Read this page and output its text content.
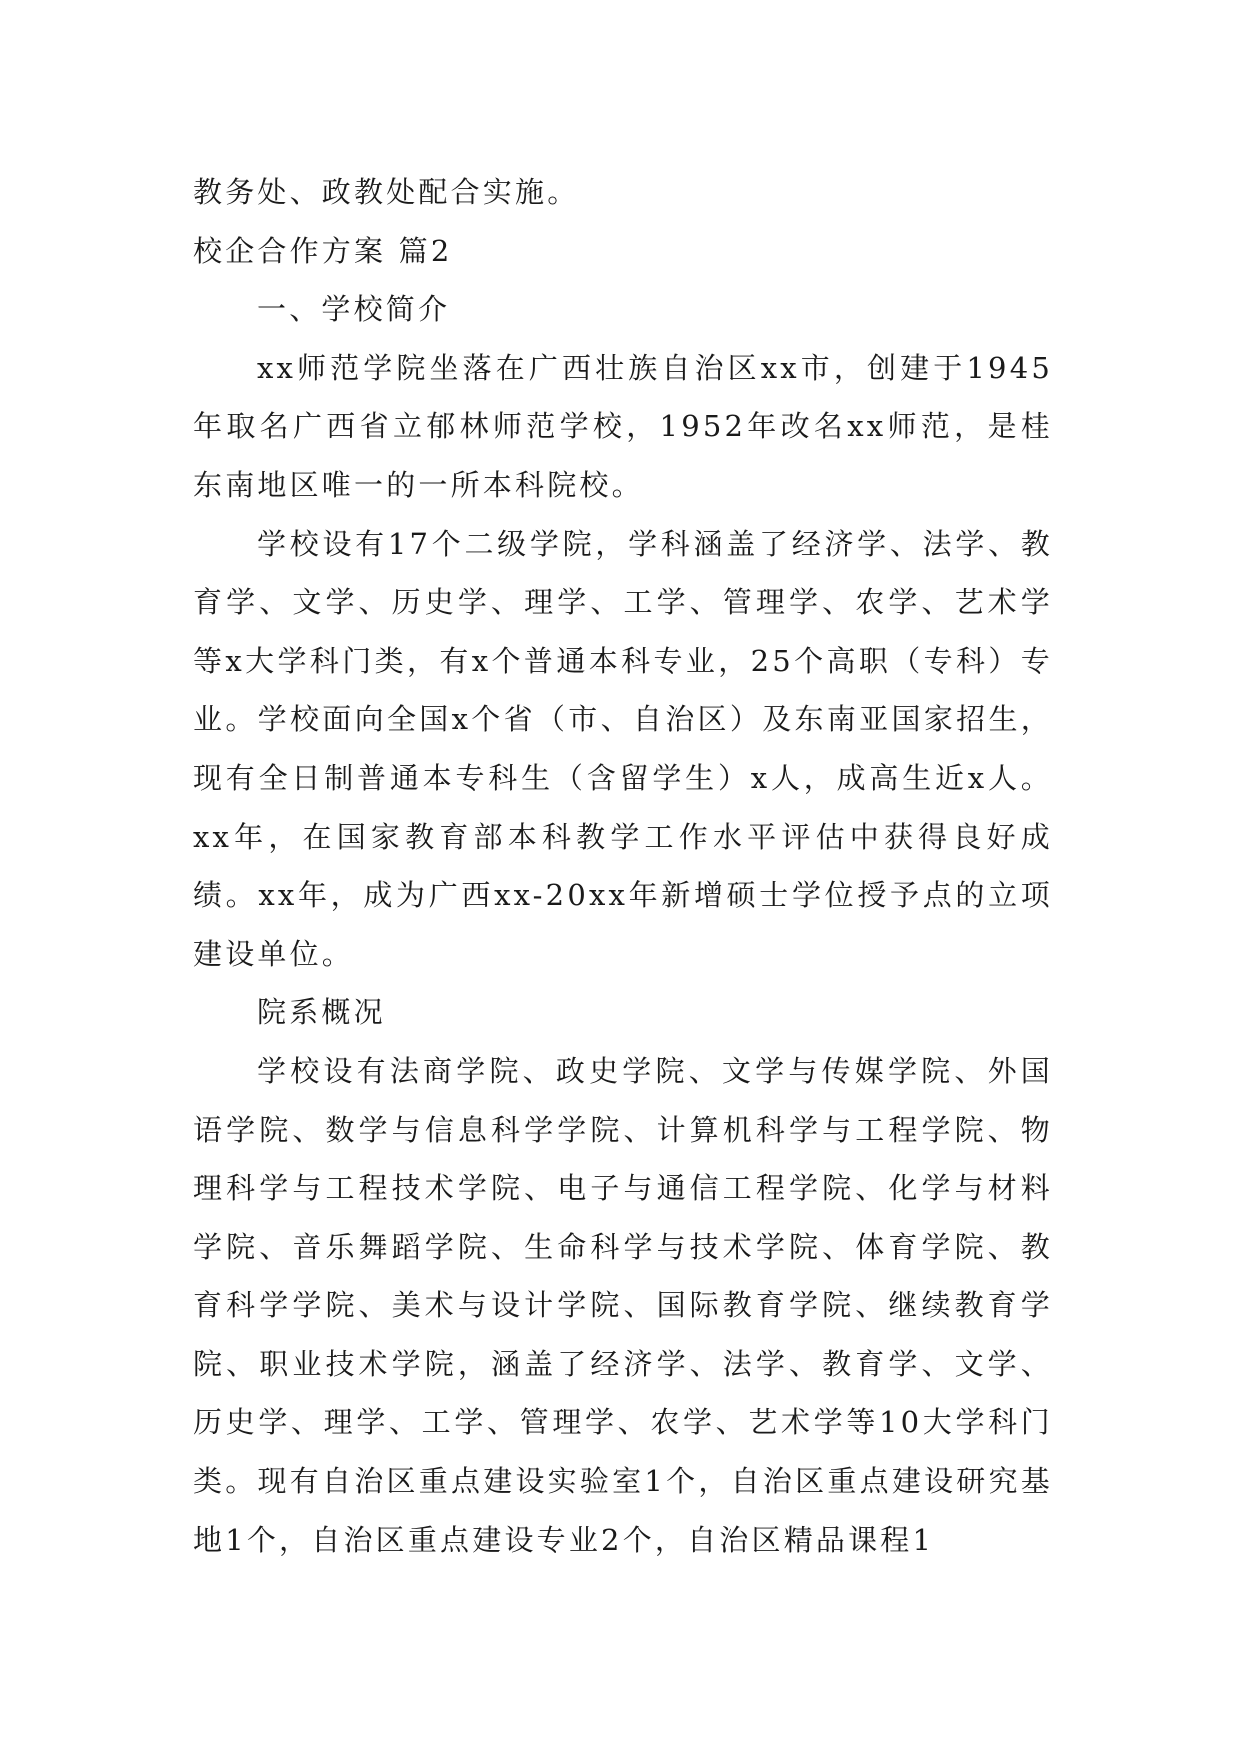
教务处、政教处配合实施。

校企合作方案 篇2

一、学校简介

xx师范学院坐落在广西壮族自治区xx市，创建于1945年取名广西省立郁林师范学校，1952年改名xx师范，是桂东南地区唯一的一所本科院校。

学校设有17个二级学院，学科涵盖了经济学、法学、教育学、文学、历史学、理学、工学、管理学、农学、艺术学等x大学科门类，有x个普通本科专业，25个高职（专科）专业。学校面向全国x个省（市、自治区）及东南亚国家招生，现有全日制普通本专科生（含留学生）x人，成高生近x人。xx年，在国家教育部本科教学工作水平评估中获得良好成绩。xx年，成为广西xx-20xx年新增硕士学位授予点的立项建设单位。

院系概况

学校设有法商学院、政史学院、文学与传媒学院、外国语学院、数学与信息科学学院、计算机科学与工程学院、物理科学与工程技术学院、电子与通信工程学院、化学与材料学院、音乐舞蹈学院、生命科学与技术学院、体育学院、教育科学学院、美术与设计学院、国际教育学院、继续教育学院、职业技术学院，涵盖了经济学、法学、教育学、文学、历史学、理学、工学、管理学、农学、艺术学等10大学科门类。现有自治区重点建设实验室1个，自治区重点建设研究基地1个，自治区重点建设专业2个，自治区精品课程1
